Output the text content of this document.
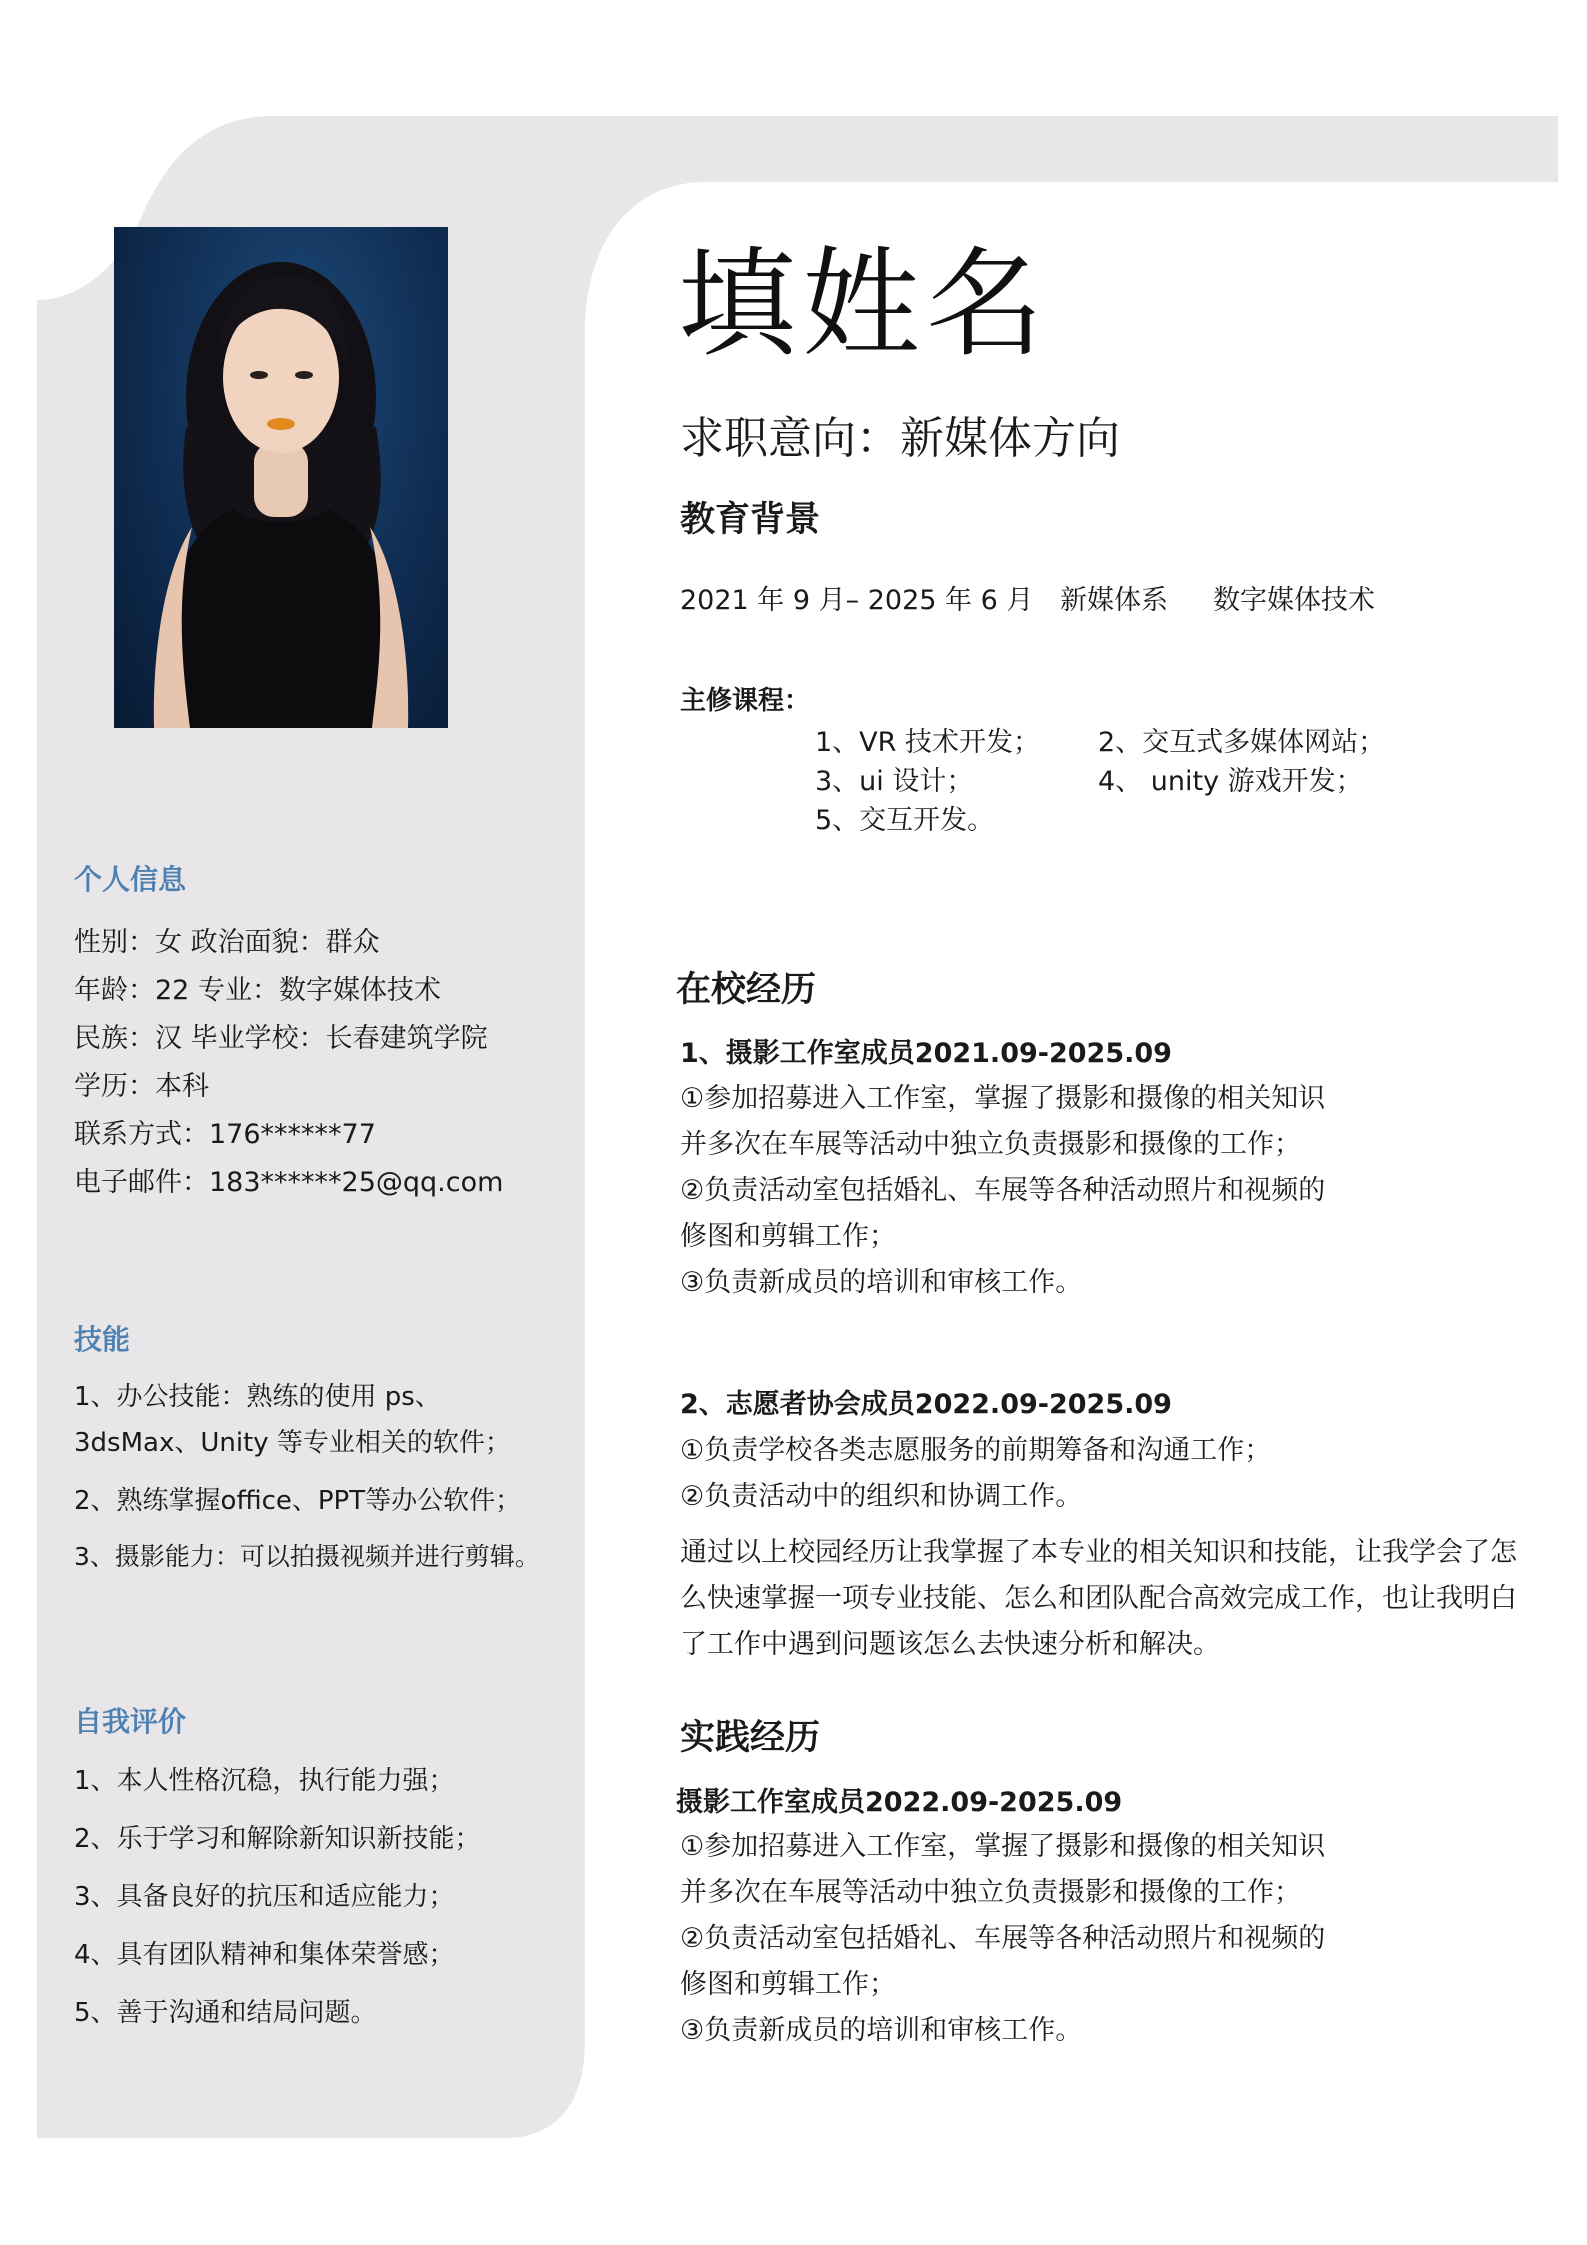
个人信息
性别：女 政治面貌：群众
年龄：22 专业：数字媒体技术
民族：汉 毕业学校：长春建筑学院
学历：本科
联系方式：176******77
电子邮件：183******25@qq.com
技能
1、办公技能：熟练的使用 ps、
3dsMax、Unity 等专业相关的软件；
2、熟练掌握office、PPT等办公软件；
3、摄影能力：可以拍摄视频并进行剪辑。
自我评价
1、本人性格沉稳，执行能力强；
2、乐于学习和解除新知识新技能；
3、具备良好的抗压和适应能力；
4、具有团队精神和集体荣誉感；
5、善于沟通和结局问题。
填姓名
求职意向：新媒体方向
教育背景
2021 年 9 月– 2025 年 6 月 新媒体系 数字媒体技术
主修课程：
1、VR 技术开发； 2、交互式多媒体网站；
3、ui 设计；	4、 unity 游戏开发；
5、交互开发。
在校经历
1、摄影工作室成员2021.09-2025.09
①参加招募进入工作室，掌握了摄影和摄像的相关知识
并多次在车展等活动中独立负责摄影和摄像的工作；
②负责活动室包括婚礼、车展等各种活动照片和视频的
修图和剪辑工作；
③负责新成员的培训和审核工作。
2、志愿者协会成员2022.09-2025.09
①负责学校各类志愿服务的前期筹备和沟通工作；
②负责活动中的组织和协调工作。
通过以上校园经历让我掌握了本专业的相关知识和技能，让我学会了怎么快速掌握一项专业技能、怎么和团队配合高效完成工作，也让我明白了工作中遇到问题该怎么去快速分析和解决。
实践经历
摄影工作室成员2022.09-2025.09
①参加招募进入工作室，掌握了摄影和摄像的相关知识
并多次在车展等活动中独立负责摄影和摄像的工作；
②负责活动室包括婚礼、车展等各种活动照片和视频的
修图和剪辑工作；
③负责新成员的培训和审核工作。
